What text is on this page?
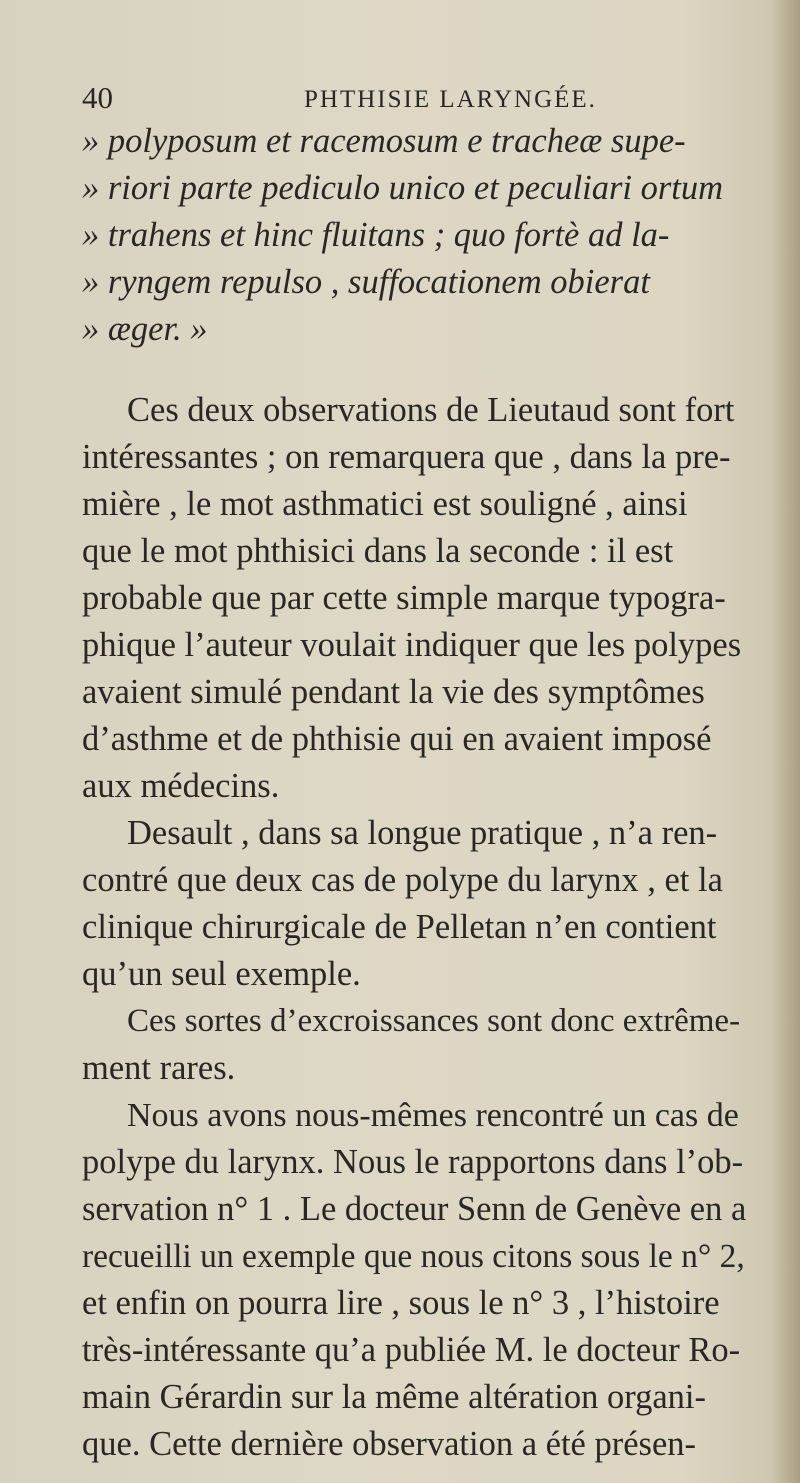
40	PHTHISIE LARYNGÉE.
» polyposum et racemosum e tracheæ supe-
» riori parte pediculo unico et peculiari ortum
» trahens et hinc fluitans ; quo fortè ad la-
» ryngem repulso , suffocationem obierat
» æger. »
Ces deux observations de Lieutaud sont fort
intéressantes ; on remarquera que , dans la pre-
mière , le mot asthmatici est souligné , ainsi
que le mot phthisici dans la seconde : il est
probable que par cette simple marque typogra-
phique l’auteur voulait indiquer que les polypes
avaient simulé pendant la vie des symptômes
d’asthme et de phthisie qui en avaient imposé
aux médecins.
Desault , dans sa longue pratique , n’a ren-
contré que deux cas de polype du larynx , et la
clinique chirurgicale de Pelletan n’en contient
qu’un seul exemple.
Ces sortes d’excroissances sont donc extrême-
ment rares.
Nous avons nous-mêmes rencontré un cas de
polype du larynx. Nous le rapportons dans l’ob-
servation n° 1 . Le docteur Senn de Genève en a
recueilli un exemple que nous citons sous le n° 2,
et enfin on pourra lire , sous le n° 3 , l’histoire
très-intéressante qu’a publiée M. le docteur Ro-
main Gérardin sur la même altération organi-
que. Cette dernière observation a été présen-
